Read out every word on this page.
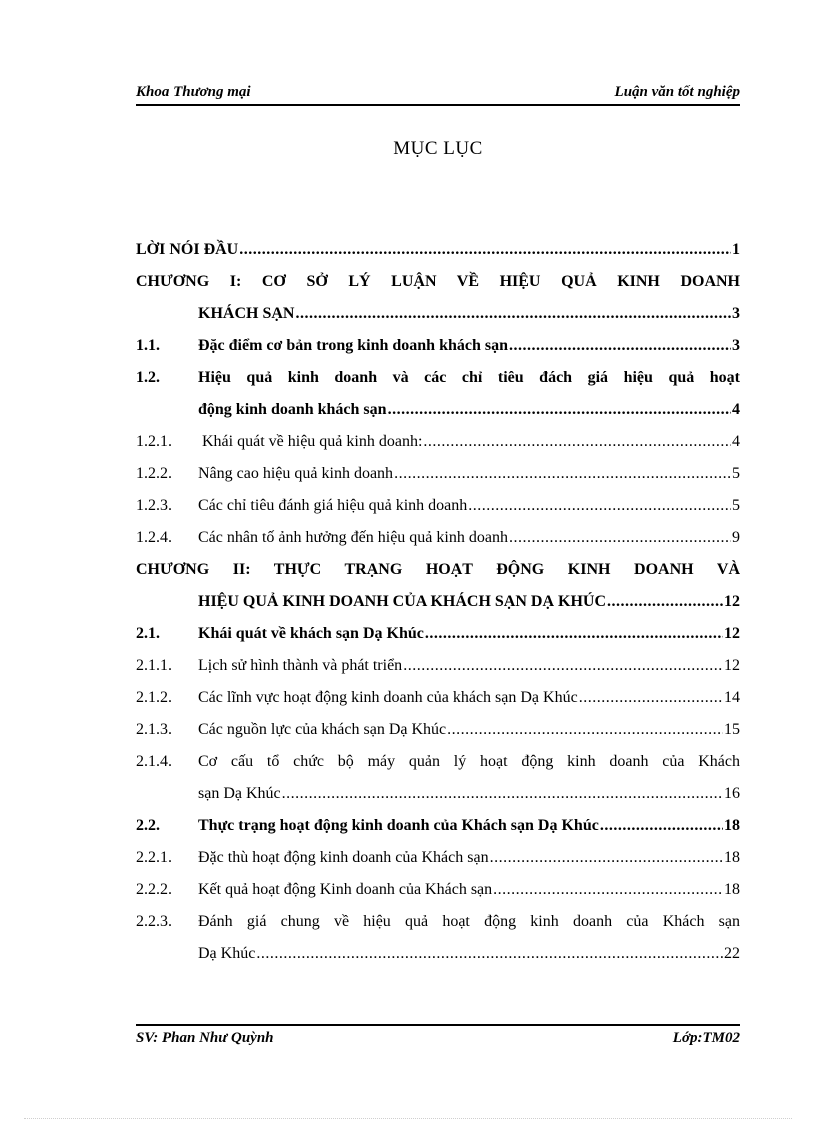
Khoa Thương mại	Luận văn tốt nghiệp
MỤC LỤC
LỜI NÓI ĐẦU .....	1
CHƯƠNG I: CƠ SỞ LÝ LUẬN VỀ HIỆU QUẢ KINH DOANH
KHÁCH SẠN .....	3
1.1. Đặc điểm cơ bản trong kinh doanh khách sạn .....	3
1.2. Hiệu quả kinh doanh và các chỉ tiêu đách giá hiệu quả hoạt
động kinh doanh khách sạn .....	4
1.2.1. Khái quát về hiệu quả kinh doanh: .....	4
1.2.2. Nâng cao hiệu quả kinh doanh .....	5
1.2.3. Các chỉ tiêu đánh giá hiệu quả kinh doanh .....	5
1.2.4. Các nhân tố ảnh hưởng đến hiệu quả kinh doanh .....	9
CHƯƠNG II: THỰC TRẠNG HOẠT ĐỘNG KINH DOANH VÀ
HIỆU QUẢ KINH DOANH CỦA KHÁCH SẠN DẠ KHÚC .....	12
2.1. Khái quát về khách sạn Dạ Khúc .....	12
2.1.1. Lịch sử hình thành và phát triển .....	12
2.1.2. Các lĩnh vực hoạt động kinh doanh của khách sạn Dạ Khúc .....	14
2.1.3. Các nguồn lực của khách sạn Dạ Khúc .....	15
2.1.4. Cơ cấu tổ chức bộ máy quản lý hoạt động kinh doanh của Khách
sạn Dạ Khúc .....	16
2.2. Thực trạng hoạt động kinh doanh của Khách sạn Dạ Khúc .....	18
2.2.1. Đặc thù hoạt động kinh doanh của Khách sạn .....	18
2.2.2. Kết quả hoạt động Kinh doanh của Khách sạn .....	18
2.2.3. Đánh giá chung về hiệu quả hoạt động kinh doanh của Khách sạn
Dạ Khúc .....	22
SV: Phan Như Quỳnh	Lớp:TM02
